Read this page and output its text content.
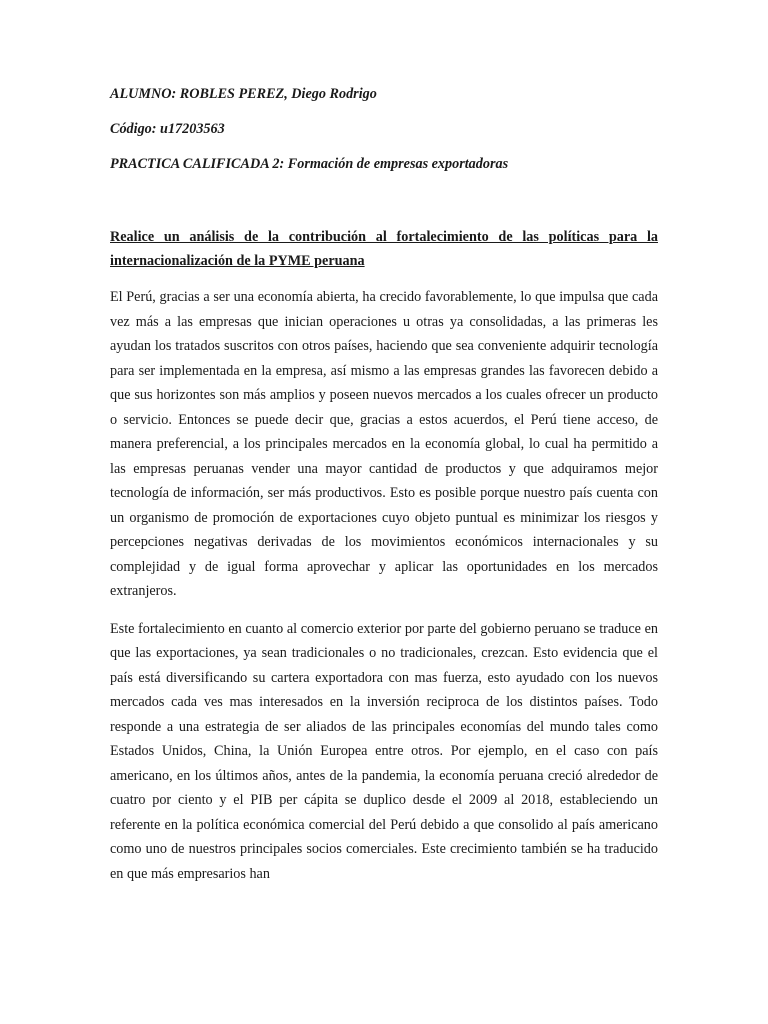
ALUMNO: ROBLES PEREZ, Diego Rodrigo

Código: u17203563

PRACTICA CALIFICADA 2: Formación de empresas exportadoras

Realice un análisis de la contribución al fortalecimiento de las políticas para la internacionalización de la PYME peruana

El Perú, gracias a ser una economía abierta, ha crecido favorablemente, lo que impulsa que cada vez más a las empresas que inician operaciones u otras ya consolidadas, a las primeras les ayudan los tratados suscritos con otros países, haciendo que sea conveniente adquirir tecnología para ser implementada en la empresa, así mismo a las empresas grandes las favorecen debido a que sus horizontes son más amplios y poseen nuevos mercados a los cuales ofrecer un producto o servicio. Entonces se puede decir que, gracias a estos acuerdos, el Perú tiene acceso, de manera preferencial, a los principales mercados en la economía global, lo cual ha permitido a las empresas peruanas vender una mayor cantidad de productos y que adquiramos mejor tecnología de información, ser más productivos. Esto es posible porque nuestro país cuenta con un organismo de promoción de exportaciones cuyo objeto puntual es minimizar los riesgos y percepciones negativas derivadas de los movimientos económicos internacionales y su complejidad y de igual forma aprovechar y aplicar las oportunidades en los mercados extranjeros.

Este fortalecimiento en cuanto al comercio exterior por parte del gobierno peruano se traduce en que las exportaciones, ya sean tradicionales o no tradicionales, crezcan. Esto evidencia que el país está diversificando su cartera exportadora con mas fuerza, esto ayudado con los nuevos mercados cada ves mas interesados en la inversión reciproca de los distintos países. Todo responde a una estrategia de ser aliados de las principales economías del mundo tales como Estados Unidos, China, la Unión Europea entre otros. Por ejemplo, en el caso con país americano, en los últimos años, antes de la pandemia, la economía peruana creció alrededor de cuatro por ciento y el PIB per cápita se duplico desde el 2009 al 2018, estableciendo un referente en la política económica comercial del Perú debido a que consolido al país americano como uno de nuestros principales socios comerciales. Este crecimiento también se ha traducido en que más empresarios han
